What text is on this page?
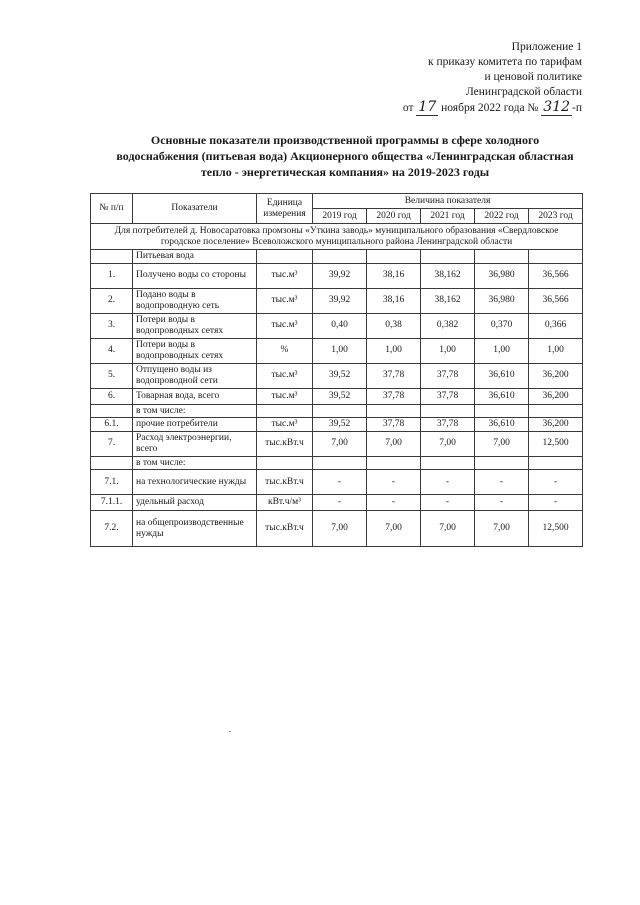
Приложение 1
к приказу комитета по тарифам
и ценовой политике
Ленинградской области
от 17 ноября 2022 года № 312 -п
Основные показатели производственной программы в сфере холодного
водоснабжения (питьевая вода) Акционерного общества «Ленинградская областная
тепло - энергетическая компания» на 2019-2023 годы
№ п/п	Показатели	Единица измерения	Величина показателя				
			2019 год	2020 год	2021 год	2022 год	2023 год
Для потребителей д. Новосаратовка промзоны «Уткина заводь» муниципального образования «Свердловское городское поселение» Всеволожского муниципального района Ленинградской области							
	Питьевая вода						
1.	Получено воды со стороны	тыс.м³	39,92	38,16	38,162	36,980	36,566
2.	Подано воды в водопроводную сеть	тыс.м³	39,92	38,16	38,162	36,980	36,566
3.	Потери воды в водопроводных сетях	тыс.м³	0,40	0,38	0,382	0,370	0,366
4.	Потери воды в водопроводных сетях	%	1,00	1,00	1,00	1,00	1,00
5.	Отпущено воды из водопроводной сети	тыс.м³	39,52	37,78	37,78	36,610	36,200
6.	Товарная вода, всего	тыс.м³	39,52	37,78	37,78	36,610	36,200
	в том числе:						
6.1.	прочие потребители	тыс.м³	39,52	37,78	37,78	36,610	36,200
7.	Расход электроэнергии, всего	тыс.кВт.ч	7,00	7,00	7,00	7,00	12,500
	в том числе:						
7.1.	на технологические нужды	тыс.кВт.ч	-	-	-	-	-
7.1.1.	удельный расход	кВт.ч/м³	-	-	-	-	-
7.2.	на общепроизводственные нужды	тыс.кВт.ч	7,00	7,00	7,00	7,00	12,500
